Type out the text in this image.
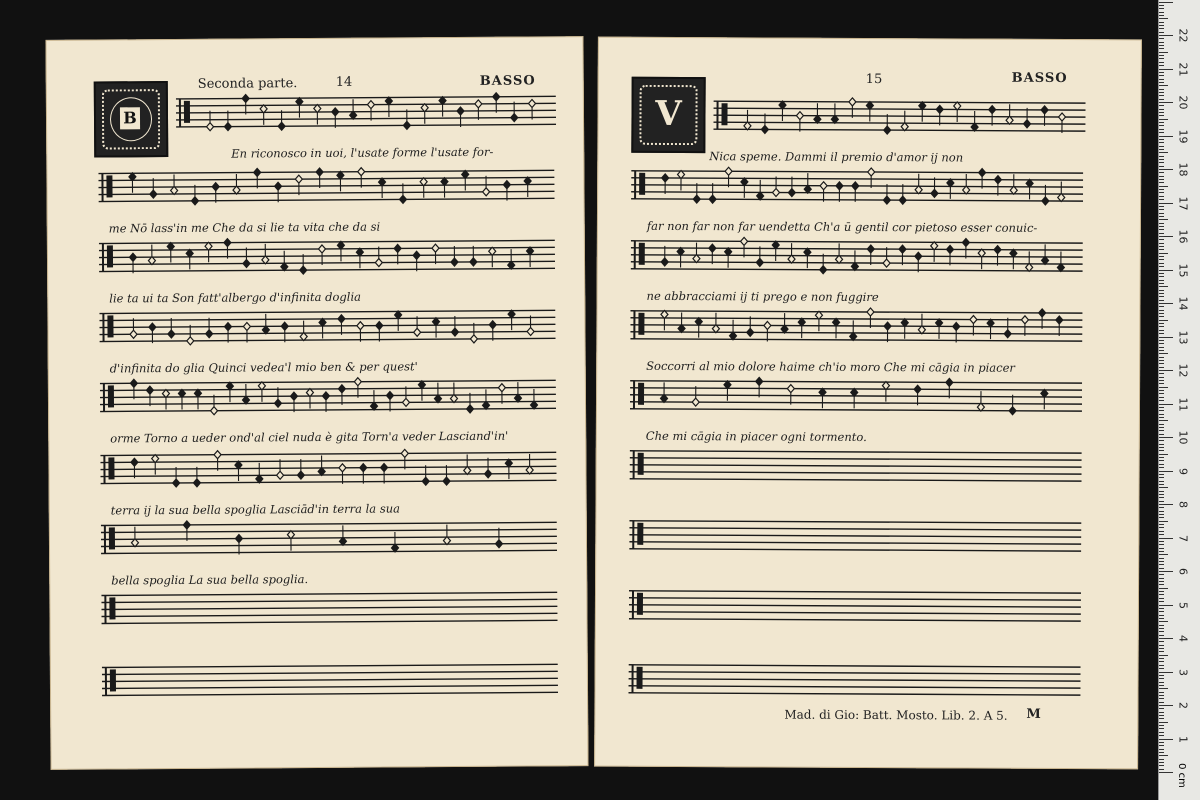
B
Seconda parte.	14	BASSO
En riconosco in uoi, l'usate forme l'usate for-
me Nō lass'in me Che da si lie ta vita che da si
lie ta ui ta Son fatt'albergo d'infinita doglia
d'infinita do glia Quinci vedea'l mio ben & per quest'
orme Torno a ueder ond'al ciel nuda è gita Torn'a veder Lasciand'in'
terra ij la sua bella spoglia Lasciād'in terra la sua
bella spoglia La sua bella spoglia.
V
15	BASSO
Nica speme. Dammi il premio d'amor ij non
far non far non far uendetta Ch'a ū gentil cor pietoso esser conuic-
ne abbracciami ij ti prego e non fuggire
Soccorri al mio dolore haime ch'io moro Che mi cāgia in piacer
Che mi cāgia in piacer ogni tormento.
Mad. di Gio: Batt. Mosto. Lib. 2. A 5. M
0 cm
1
2
3
4
5
6
7
8
9
10
11
12
13
14
15
16
17
18
19
20
21
22
